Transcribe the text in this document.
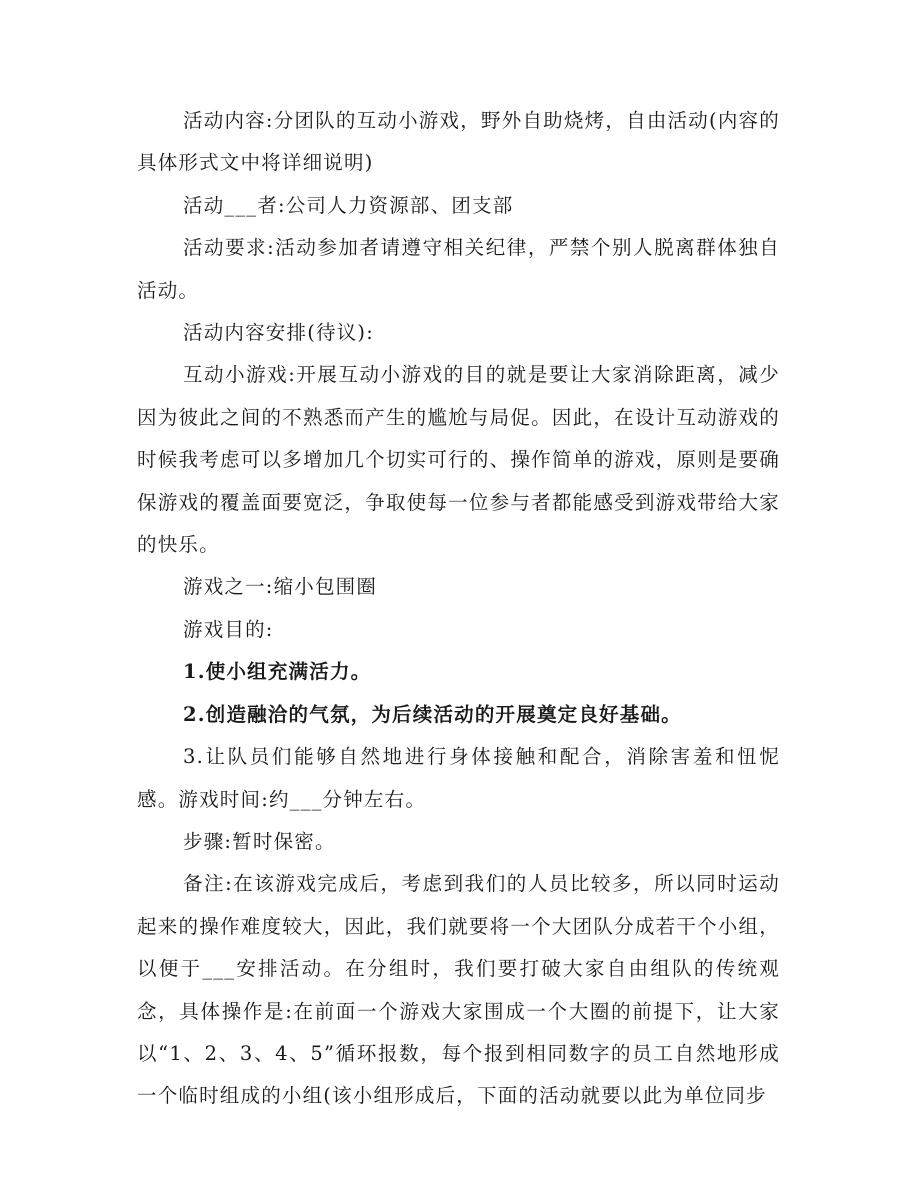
活动内容:分团队的互动小游戏，野外自助烧烤，自由活动(内容的具体形式文中将详细说明)

活动___者:公司人力资源部、团支部

活动要求:活动参加者请遵守相关纪律，严禁个别人脱离群体独自活动。

活动内容安排(待议):

互动小游戏:开展互动小游戏的目的就是要让大家消除距离，减少因为彼此之间的不熟悉而产生的尴尬与局促。因此，在设计互动游戏的时候我考虑可以多增加几个切实可行的、操作简单的游戏，原则是要确保游戏的覆盖面要宽泛，争取使每一位参与者都能感受到游戏带给大家的快乐。

游戏之一:缩小包围圈

游戏目的:

1.使小组充满活力。

2.创造融洽的气氛，为后续活动的开展奠定良好基础。

3.让队员们能够自然地进行身体接触和配合，消除害羞和忸怩感。游戏时间:约___分钟左右。

步骤:暂时保密。

备注:在该游戏完成后，考虑到我们的人员比较多，所以同时运动起来的操作难度较大，因此，我们就要将一个大团队分成若干个小组，以便于___安排活动。在分组时，我们要打破大家自由组队的传统观念，具体操作是:在前面一个游戏大家围成一个大圈的前提下，让大家以“1、2、3、4、5”循环报数，每个报到相同数字的员工自然地形成一个临时组成的小组(该小组形成后，下面的活动就要以此为单位同步
